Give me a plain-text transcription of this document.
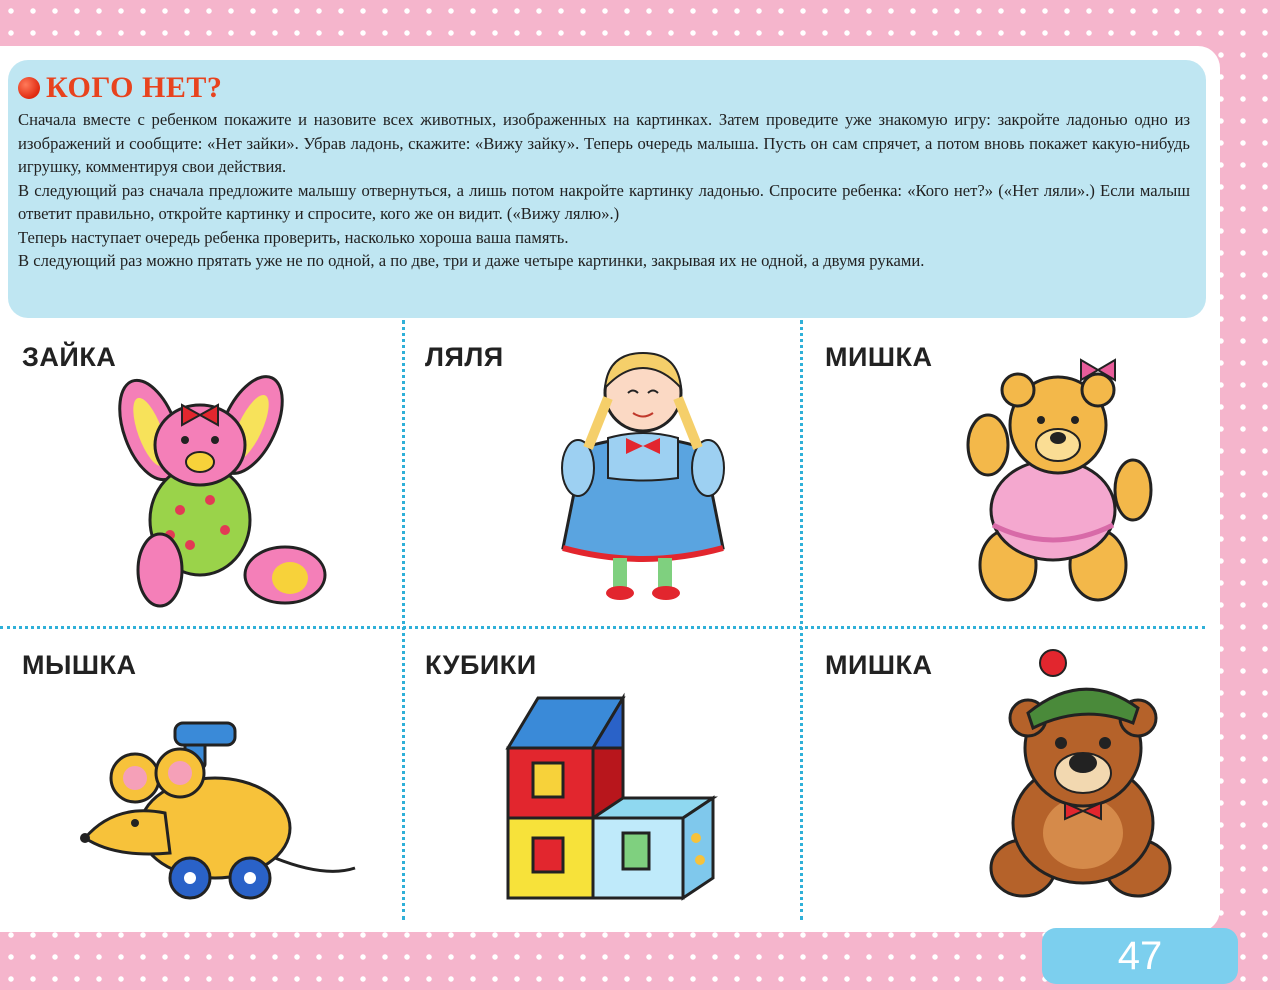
КОГО НЕТ?

Сначала вместе с ребенком покажите и назовите всех животных, изображенных на картинках. Затем проведите уже знакомую игру: закройте ладонью одно из изображений и сообщите: «Нет зайки». Убрав ладонь, скажите: «Вижу зайку». Теперь очередь малыша. Пусть он сам спрячет, а потом вновь покажет какую-нибудь игрушку, комментируя свои действия.

В следующий раз сначала предложите малышу отвернуться, а лишь потом накройте картинку ладонью. Спросите ребенка: «Кого нет?» («Нет ляли».) Если малыш ответит правильно, откройте картинку и спросите, кого же он видит. («Вижу лялю».)

Теперь наступает очередь ребенка проверить, насколько хороша ваша память.

В следующий раз можно прятать уже не по одной, а по две, три и даже четыре картинки, закрывая их не одной, а двумя руками.

ЗАЙКА	ЛЯЛЯ	МИШКА
МЫШКА	КУБИКИ	МИШКА
47
